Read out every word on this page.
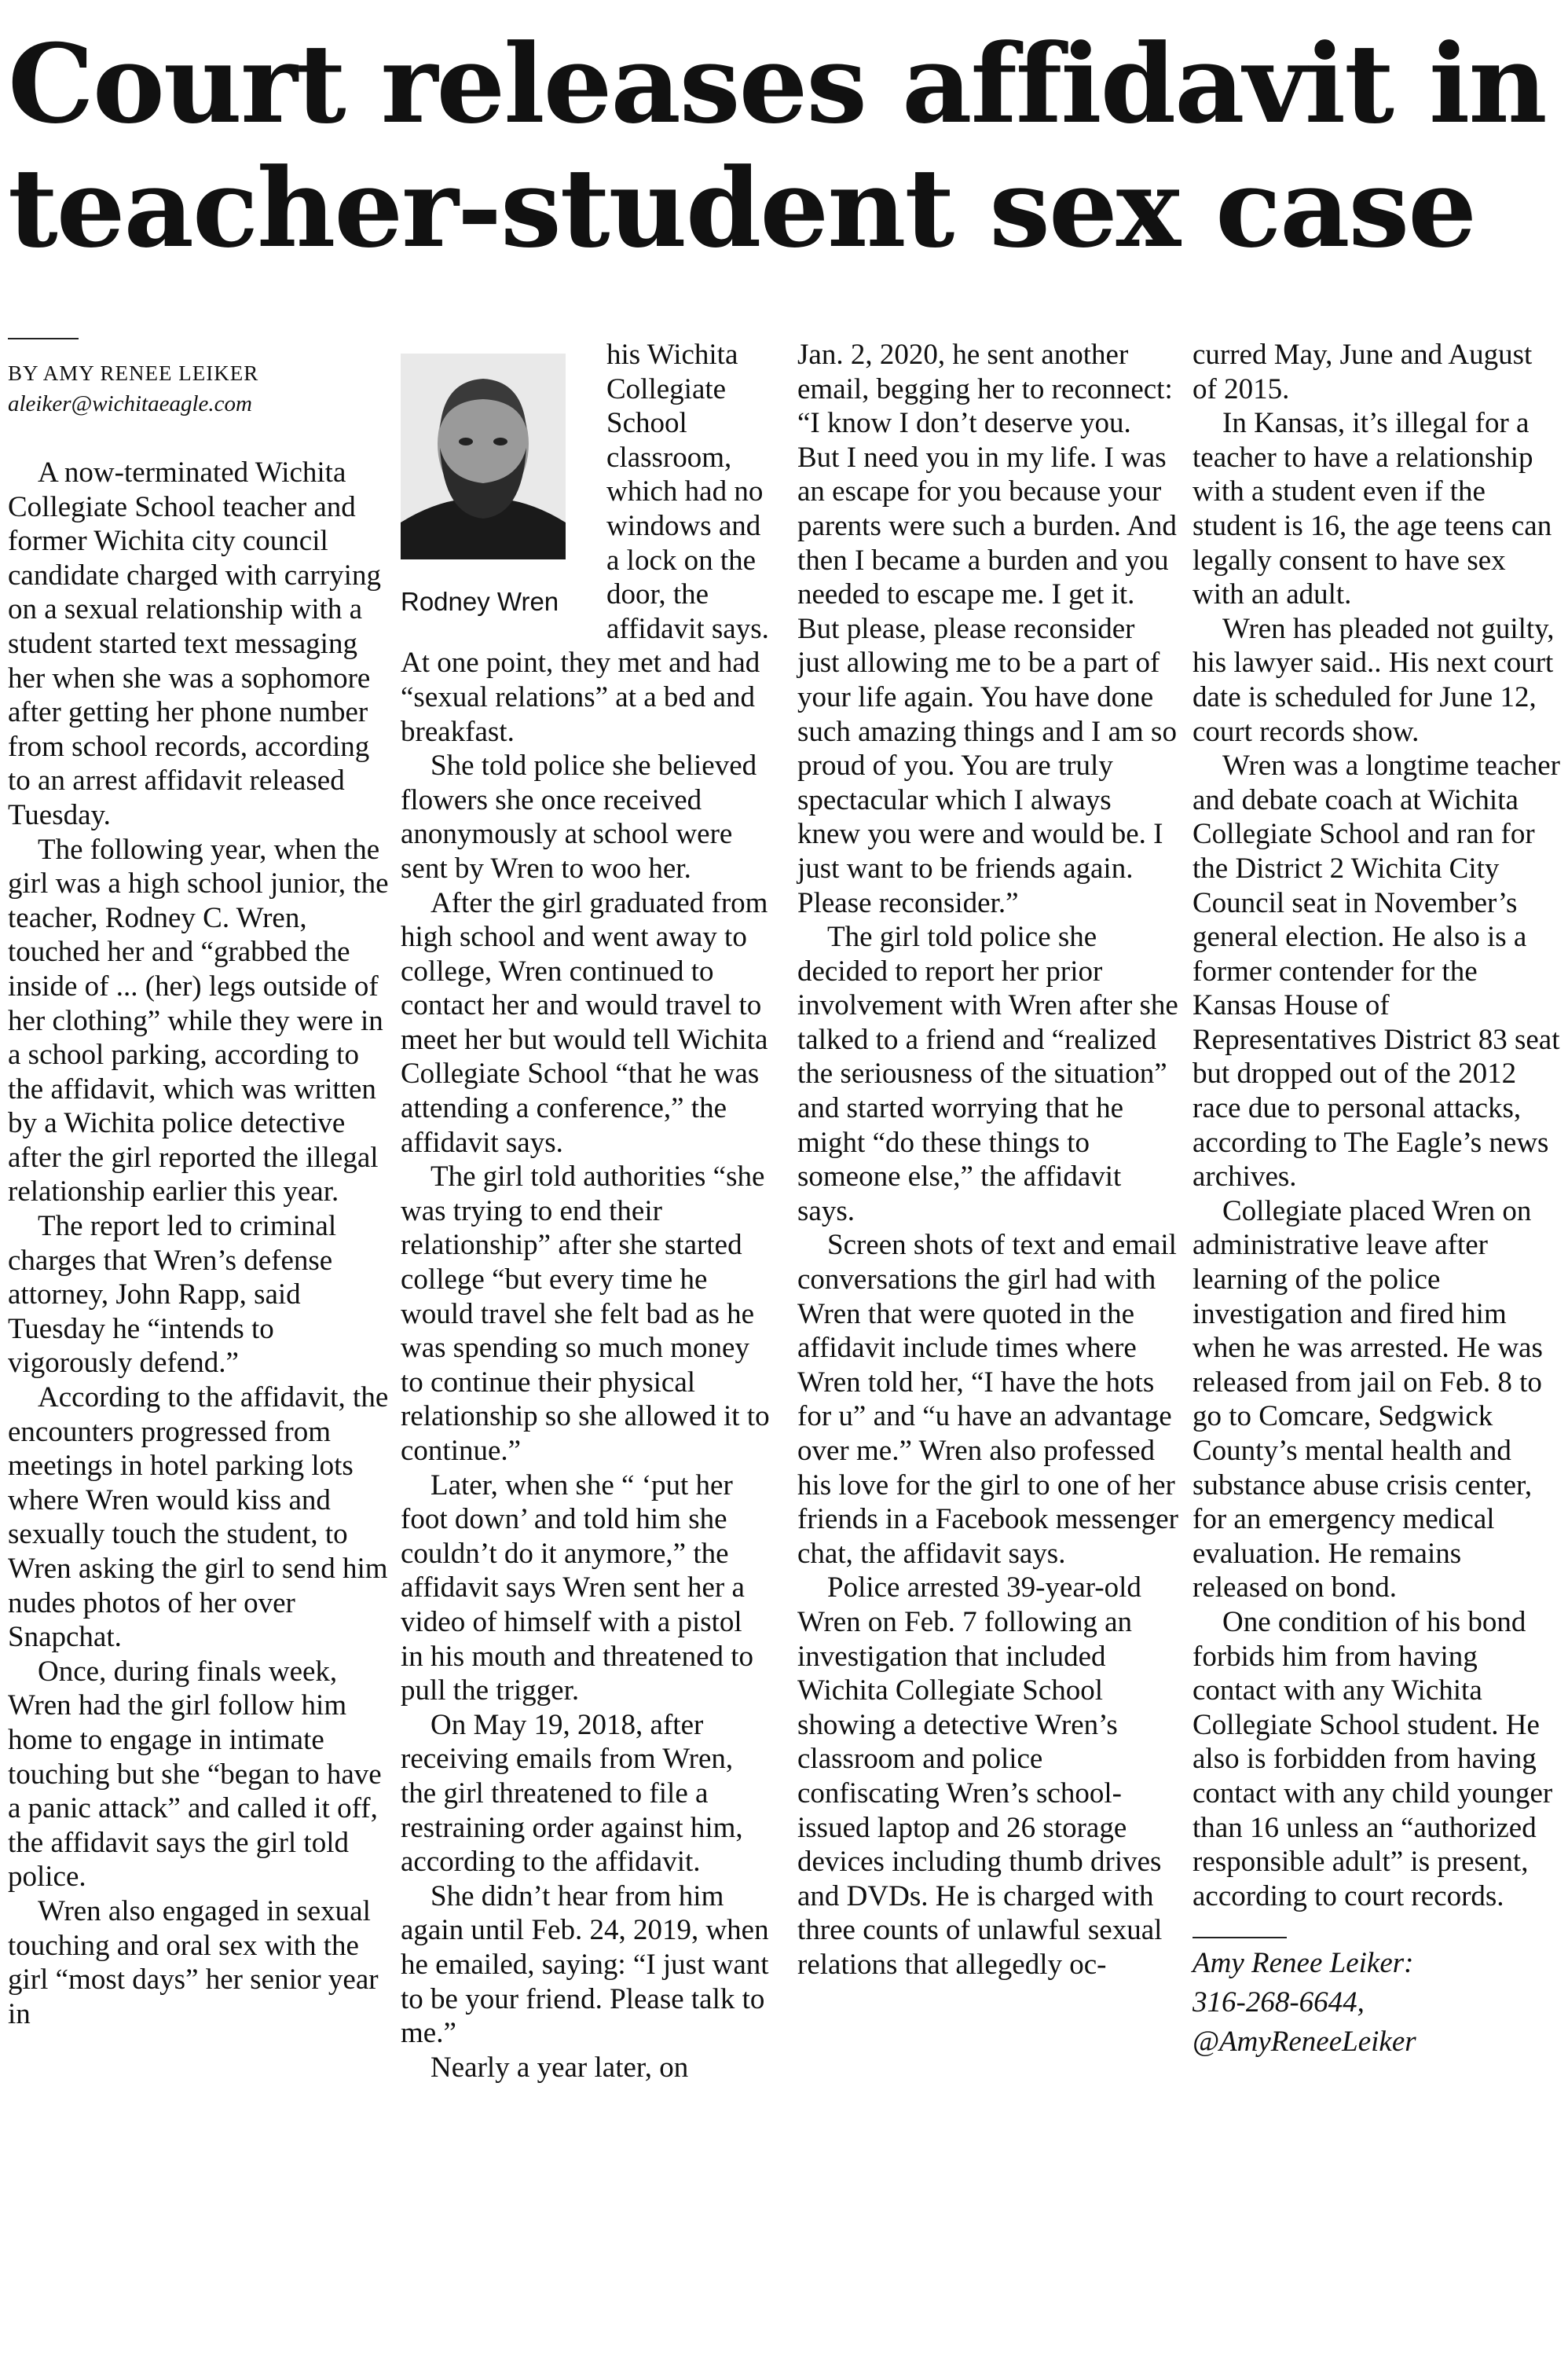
Court releases affidavit in teacher-student sex case
BY AMY RENEE LEIKER
aleiker@wichitaeagle.com

A now-terminated Wichita Collegiate School teacher and former Wichita city council candidate charged with carrying on a sexual relationship with a student started text messaging her when she was a sophomore after getting her phone number from school records, according to an arrest affidavit released Tuesday.

The following year, when the girl was a high school junior, the teacher, Rodney C. Wren, touched her and “grabbed the inside of ... (her) legs outside of her clothing” while they were in a school parking, according to the affidavit, which was written by a Wichita police detective after the girl reported the illegal relationship earlier this year.

The report led to criminal charges that Wren’s defense attorney, John Rapp, said Tuesday he “intends to vigorously defend.”

According to the affidavit, the encounters progressed from meetings in hotel parking lots where Wren would kiss and sexually touch the student, to Wren asking the girl to send him nudes photos of her over Snapchat.

Once, during finals week, Wren had the girl follow him home to engage in intimate touching but she “began to have a panic attack” and called it off, the affidavit says the girl told police.

Wren also engaged in sexual touching and oral sex with the girl “most days” her senior year in

Rodney Wren

his Wichita Collegiate School classroom, which had no windows and a lock on the door, the affidavit says. At one point, they met and had “sexual relations” at a bed and breakfast.

She told police she believed flowers she once received anonymously at school were sent by Wren to woo her.

After the girl graduated from high school and went away to college, Wren continued to contact her and would travel to meet her but would tell Wichita Collegiate School “that he was attending a conference,” the affidavit says.

The girl told authorities “she was trying to end their relationship” after she started college “but every time he would travel she felt bad as he was spending so much money to continue their physical relationship so she allowed it to continue.”

Later, when she “ ‘put her foot down’ and told him she couldn’t do it anymore,” the affidavit says Wren sent her a video of himself with a pistol in his mouth and threatened to pull the trigger.

On May 19, 2018, after receiving emails from Wren, the girl threatened to file a restraining order against him, according to the affidavit.

She didn’t hear from him again until Feb. 24, 2019, when he emailed, saying: “I just want to be your friend. Please talk to me.”

Nearly a year later, on

Jan. 2, 2020, he sent another email, begging her to reconnect: “I know I don’t deserve you. But I need you in my life. I was an escape for you because your parents were such a burden. And then I became a burden and you needed to escape me. I get it. But please, please reconsider just allowing me to be a part of your life again. You have done such amazing things and I am so proud of you. You are truly spectacular which I always knew you were and would be. I just want to be friends again. Please reconsider.”

The girl told police she decided to report her prior involvement with Wren after she talked to a friend and “realized the seriousness of the situation” and started worrying that he might “do these things to someone else,” the affidavit says.

Screen shots of text and email conversations the girl had with Wren that were quoted in the affidavit include times where Wren told her, “I have the hots for u” and “u have an advantage over me.” Wren also professed his love for the girl to one of her friends in a Facebook messenger chat, the affidavit says.

Police arrested 39-year-old Wren on Feb. 7 following an investigation that included Wichita Collegiate School showing a detective Wren’s classroom and police confiscating Wren’s school-issued laptop and 26 storage devices including thumb drives and DVDs. He is charged with three counts of unlawful sexual relations that allegedly oc-

curred May, June and August of 2015.

In Kansas, it’s illegal for a teacher to have a relationship with a student even if the student is 16, the age teens can legally consent to have sex with an adult.

Wren has pleaded not guilty, his lawyer said.. His next court date is scheduled for June 12, court records show.

Wren was a longtime teacher and debate coach at Wichita Collegiate School and ran for the District 2 Wichita City Council seat in November’s general election. He also is a former contender for the Kansas House of Representatives District 83 seat but dropped out of the 2012 race due to personal attacks, according to The Eagle’s news archives.

Collegiate placed Wren on administrative leave after learning of the police investigation and fired him when he was arrested. He was released from jail on Feb. 8 to go to Comcare, Sedgwick County’s mental health and substance abuse crisis center, for an emergency medical evaluation. He remains released on bond.

One condition of his bond forbids him from having contact with any Wichita Collegiate School student. He also is forbidden from having contact with any child younger than 16 unless an “authorized responsible adult” is present, according to court records.

Amy Renee Leiker:
316-268-6644,
@AmyReneeLeiker
